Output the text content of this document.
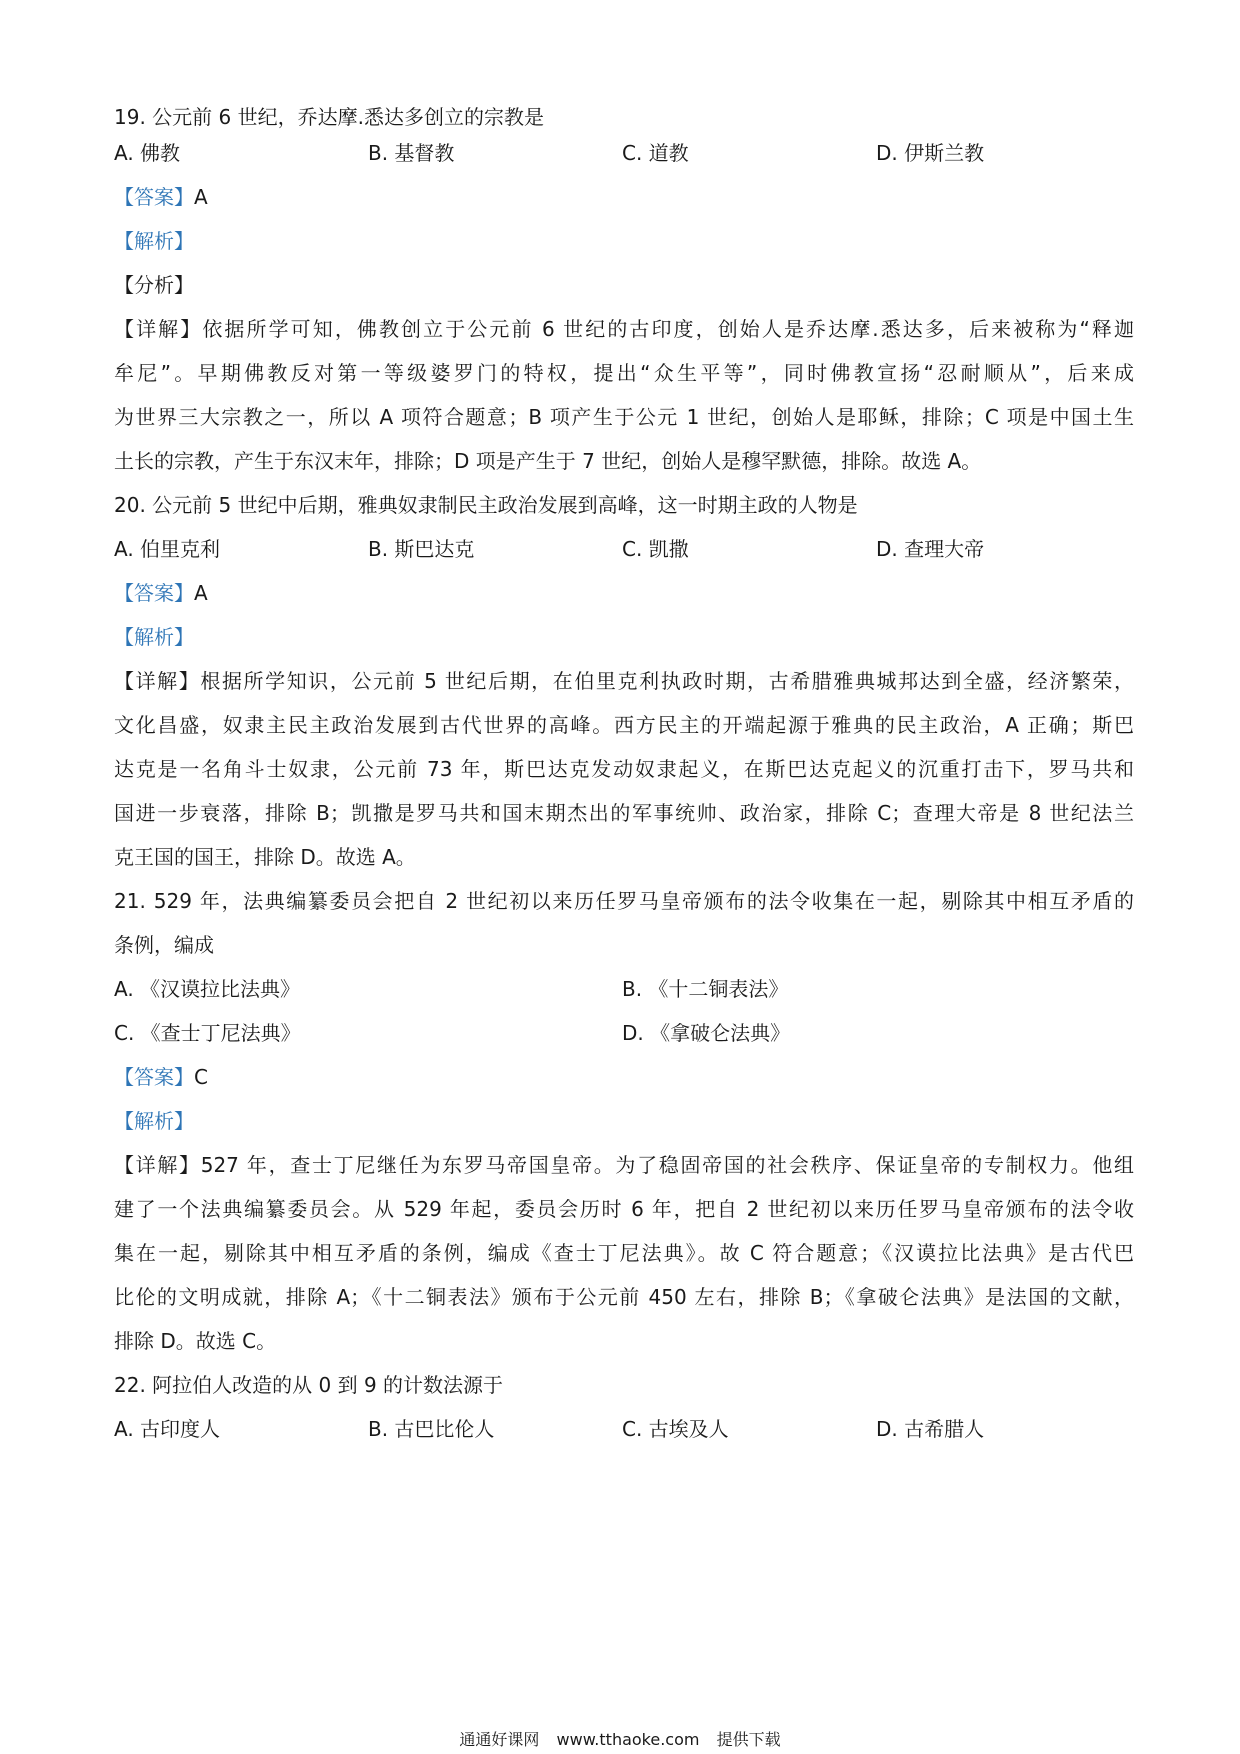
19. 公元前 6 世纪，乔达摩.悉达多创立的宗教是
A. 佛教	B. 基督教	C. 道教	D. 伊斯兰教
【答案】A
【解析】
【分析】
【详解】依据所学可知，佛教创立于公元前 6 世纪的古印度，创始人是乔达摩.悉达多，后来被称为“释迦
牟尼”。早期佛教反对第一等级婆罗门的特权，提出“众生平等”，同时佛教宣扬“忍耐顺从”，后来成
为世界三大宗教之一，所以 A 项符合题意；B 项产生于公元 1 世纪，创始人是耶稣，排除；C 项是中国土生
土长的宗教，产生于东汉末年，排除；D 项是产生于 7 世纪，创始人是穆罕默德，排除。故选 A。
20. 公元前 5 世纪中后期，雅典奴隶制民主政治发展到高峰，这一时期主政的人物是
A. 伯里克利	B. 斯巴达克	C. 凯撒	D. 查理大帝
【答案】A
【解析】
【详解】根据所学知识，公元前 5 世纪后期，在伯里克利执政时期，古希腊雅典城邦达到全盛，经济繁荣，
文化昌盛，奴隶主民主政治发展到古代世界的高峰。西方民主的开端起源于雅典的民主政治，A 正确；斯巴
达克是一名角斗士奴隶，公元前 73 年，斯巴达克发动奴隶起义，在斯巴达克起义的沉重打击下，罗马共和
国进一步衰落，排除 B；凯撒是罗马共和国末期杰出的军事统帅、政治家，排除 C；查理大帝是 8 世纪法兰
克王国的国王，排除 D。故选 A。
21. 529 年，法典编纂委员会把自 2 世纪初以来历任罗马皇帝颁布的法令收集在一起，剔除其中相互矛盾的
条例，编成
A. 《汉谟拉比法典》	B. 《十二铜表法》
C. 《查士丁尼法典》	D. 《拿破仑法典》
【答案】C
【解析】
【详解】527 年，查士丁尼继任为东罗马帝国皇帝。为了稳固帝国的社会秩序、保证皇帝的专制权力。他组
建了一个法典编纂委员会。从 529 年起，委员会历时 6 年，把自 2 世纪初以来历任罗马皇帝颁布的法令收
集在一起，剔除其中相互矛盾的条例，编成《查士丁尼法典》。故 C 符合题意；《汉谟拉比法典》是古代巴
比伦的文明成就，排除 A；《十二铜表法》颁布于公元前 450 左右，排除 B；《拿破仑法典》是法国的文献，
排除 D。故选 C。
22. 阿拉伯人改造的从 0 到 9 的计数法源于
A. 古印度人	B. 古巴比伦人	C. 古埃及人	D. 古希腊人
通通好课网 www.tthaoke.com 提供下载
